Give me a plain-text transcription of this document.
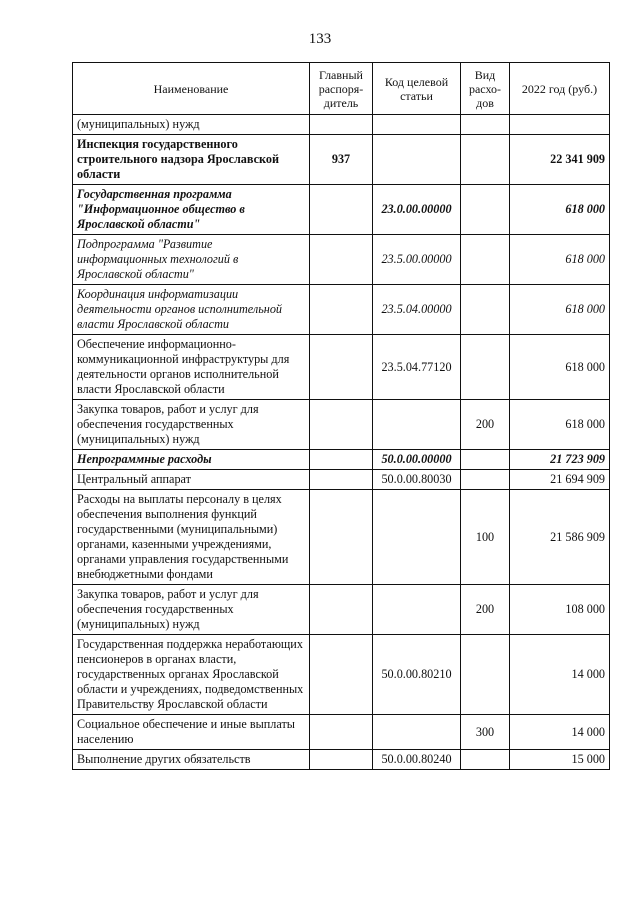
133
Наименование	Главный распоря-дитель	Код целевой статьи	Вид расхо-дов	2022 год (руб.)
(муниципальных) нужд				
Инспекция государственного строительного надзора Ярославской области	937			22 341 909
Государственная программа "Информационное общество в Ярославской области"		23.0.00.00000		618 000
Подпрограмма "Развитие информационных технологий в Ярославской области"		23.5.00.00000		618 000
Координация информатизации деятельности органов исполнительной власти Ярославской области		23.5.04.00000		618 000
Обеспечение информационно-коммуникационной инфраструктуры для деятельности органов исполнительной власти Ярославской области		23.5.04.77120		618 000
Закупка товаров, работ и услуг для обеспечения государственных (муниципальных) нужд			200	618 000
Непрограммные расходы		50.0.00.00000		21 723 909
Центральный аппарат		50.0.00.80030		21 694 909
Расходы на выплаты персоналу в целях обеспечения выполнения функций государственными (муниципальными) органами, казенными учреждениями, органами управления государственными внебюджетными фондами			100	21 586 909
Закупка товаров, работ и услуг для обеспечения государственных (муниципальных) нужд			200	108 000
Государственная поддержка неработающих пенсионеров в органах власти, государственных органах Ярославской области и учреждениях, подведомственных Правительству Ярославской области		50.0.00.80210		14 000
Социальное обеспечение и иные выплаты населению			300	14 000
Выполнение других обязательств		50.0.00.80240		15 000
